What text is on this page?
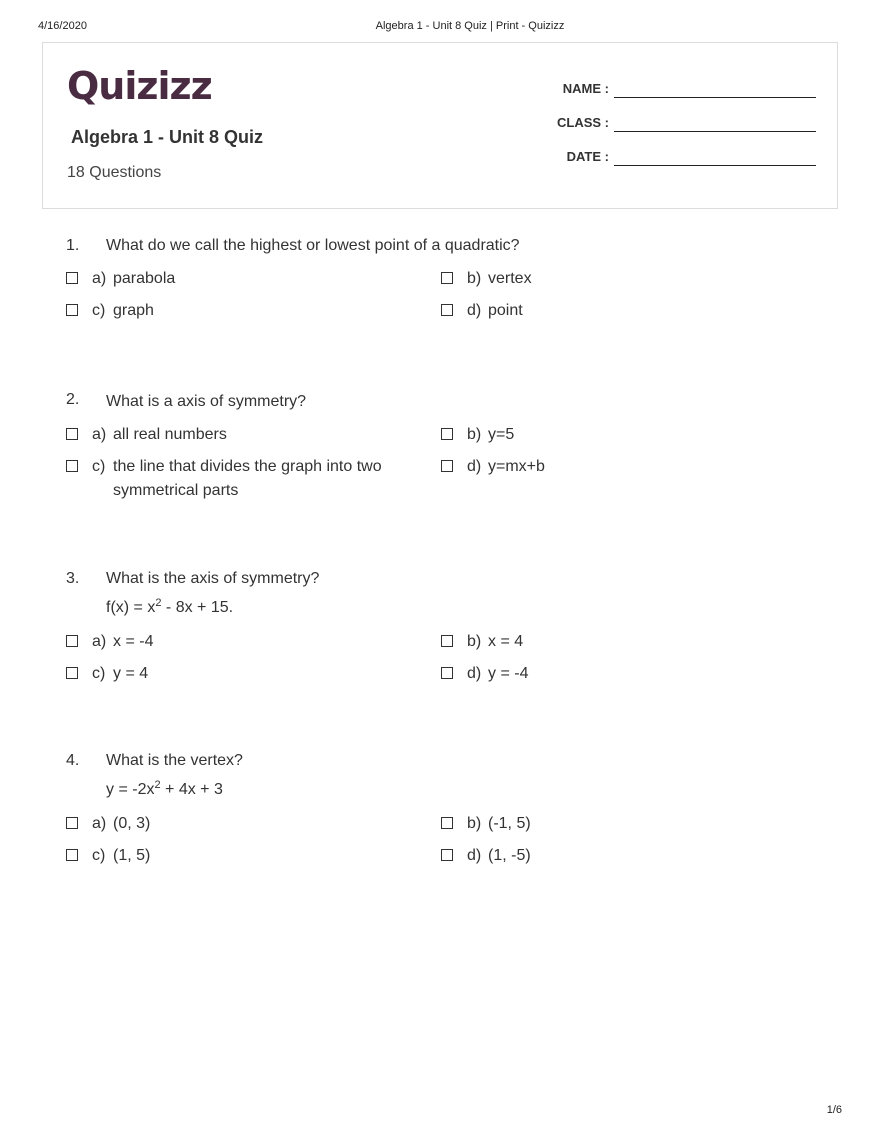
4/16/2020	Algebra 1 - Unit 8 Quiz | Print - Quizizz
Quizizz
Algebra 1 - Unit 8 Quiz
18 Questions
NAME :
CLASS :
DATE :
1. What do we call the highest or lowest point of a quadratic?
a) parabola	b) vertex
c) graph	d) point
2. What is a axis of symmetry?
a) all real numbers	b) y=5
c) the line that divides the graph into two symmetrical parts
d) y=mx+b
3. What is the axis of symmetry?
$f(x) = x^2 - 8x + 15$.
a) x = -4	b) x = 4
c) y = 4	d) y = -4
4. What is the vertex?
$y = -2x^2 + 4x + 3$
a) (0, 3)	b) (-1, 5)
c) (1, 5)	d) (1, -5)
1/6
